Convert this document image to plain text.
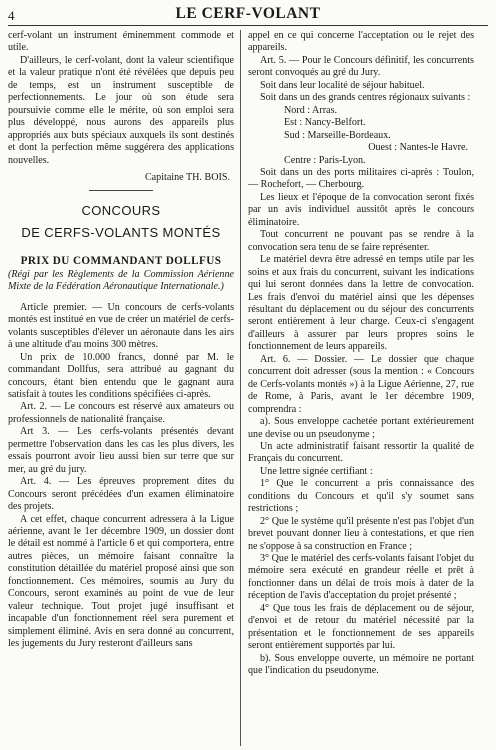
4	LE CERF-VOLANT

cerf-volant un instrument éminemment commode et utile.

D'ailleurs, le cerf-volant, dont la valeur scientifique et la valeur pratique n'ont été révélées que depuis peu de temps, est un instrument susceptible de perfectionnements. Le jour où son étude sera poursuivie comme elle le mérite, où son emploi sera plus développé, nous aurons des appareils plus appropriés aux buts spéciaux auxquels ils sont destinés et dont la perfection même suggérera des applications nouvelles.

Capitaine TH. BOIS.
CONCOURS
DE CERFS-VOLANTS MONTÉS
PRIX DU COMMANDANT DOLLFUS

(Régi par les Règlements de la Commission Aérienne Mixte de la Fédération Aéronautique Internationale.)

Article premier. — Un concours de cerfs-volants montés est institué en vue de créer un matériel de cerfs-volants susceptibles d'élever un aéronaute dans les airs à une altitude d'au moins 300 mètres.

Un prix de 10.000 francs, donné par M. le commandant Dollfus, sera attribué au gagnant du concours, étant bien entendu que le gagnant aura satisfait à toutes les conditions spécifiées ci-après.

Art. 2. — Le concours est réservé aux amateurs ou professionnels de nationalité française.

Art 3. — Les cerfs-volants présentés devant permettre l'observation dans les cas les plus divers, les essais pourront avoir lieu aussi bien sur terre que sur mer, au gré du jury.

Art. 4. — Les épreuves proprement dites du Concours seront précédées d'un examen éliminatoire des projets.

A cet effet, chaque concurrent adressera à la Ligue aérienne, avant le 1er décembre 1909, un dossier dont le détail est nommé à l'article 6 et qui comportera, entre autres pièces, un mémoire faisant connaître la constitution détaillée du matériel proposé ainsi que son fonctionnement. Ces mémoires, soumis au Jury du Concours, seront examinés au point de vue de leur valeur technique. Tout projet jugé insuffisant et incapable d'un fonctionnement réel sera purement et simplement éliminé. Avis en sera donné au concurrent, les jugements du Jury resteront d'ailleurs sans

appel en ce qui concerne l'acceptation ou le rejet des appareils.

Art. 5. — Pour le Concours définitif, les concurrents seront convoqués au gré du Jury.

Soit dans leur localité de séjour habituel.

Soit dans un des grands centres régionaux suivants :

Nord : Arras.
Est : Nancy-Belfort.
Sud : Marseille-Bordeaux.
Ouest : Nantes-le Havre.
Centre : Paris-Lyon.

Soit dans un des ports militaires ci-après : Toulon, — Rochefort, — Cherbourg.

Les lieux et l'époque de la convocation seront fixés par un avis individuel aussitôt après le concours éliminatoire.

Tout concurrent ne pouvant pas se rendre à la convocation sera tenu de se faire représenter.

Le matériel devra être adressé en temps utile par les soins et aux frais du concurrent, suivant les indications qui lui seront données dans la lettre de convocation. Les frais d'envoi du matériel ainsi que les dépenses résultant du déplacement ou du séjour des concurrents seront entièrement à leur charge. Ceux-ci s'engagent d'ailleurs à assurer par leurs propres soins le fonctionnement de leurs appareils.

Art. 6. — Dossier. — Le dossier que chaque concurrent doit adresser (sous la mention : « Concours de Cerfs-volants montés ») à la Ligue Aérienne, 27, rue de Rome, à Paris, avant le 1er décembre 1909, comprendra :

a). Sous enveloppe cachetée portant extérieurement une devise ou un pseudonyme ;

Un acte administratif faisant ressortir la qualité de Français du concurrent.

Une lettre signée certifiant :

1° Que le concurrent a pris connaissance des conditions du Concours et qu'il s'y soumet sans restrictions ;

2° Que le système qu'il présente n'est pas l'objet d'un brevet pouvant donner lieu à contestations, et que rien ne s'oppose à sa construction en France ;

3° Que le matériel des cerfs-volants faisant l'objet du mémoire sera exécuté en grandeur réelle et prêt à fonctionner dans un délai de trois mois à dater de la réception de l'avis d'acceptation du projet présenté ;

4° Que tous les frais de déplacement ou de séjour, d'envoi et de retour du matériel nécessité par la présentation et le fonctionnement de ses appareils seront entièrement supportés par lui.

b). Sous enveloppe ouverte, un mémoire ne portant que l'indication du pseudonyme.
